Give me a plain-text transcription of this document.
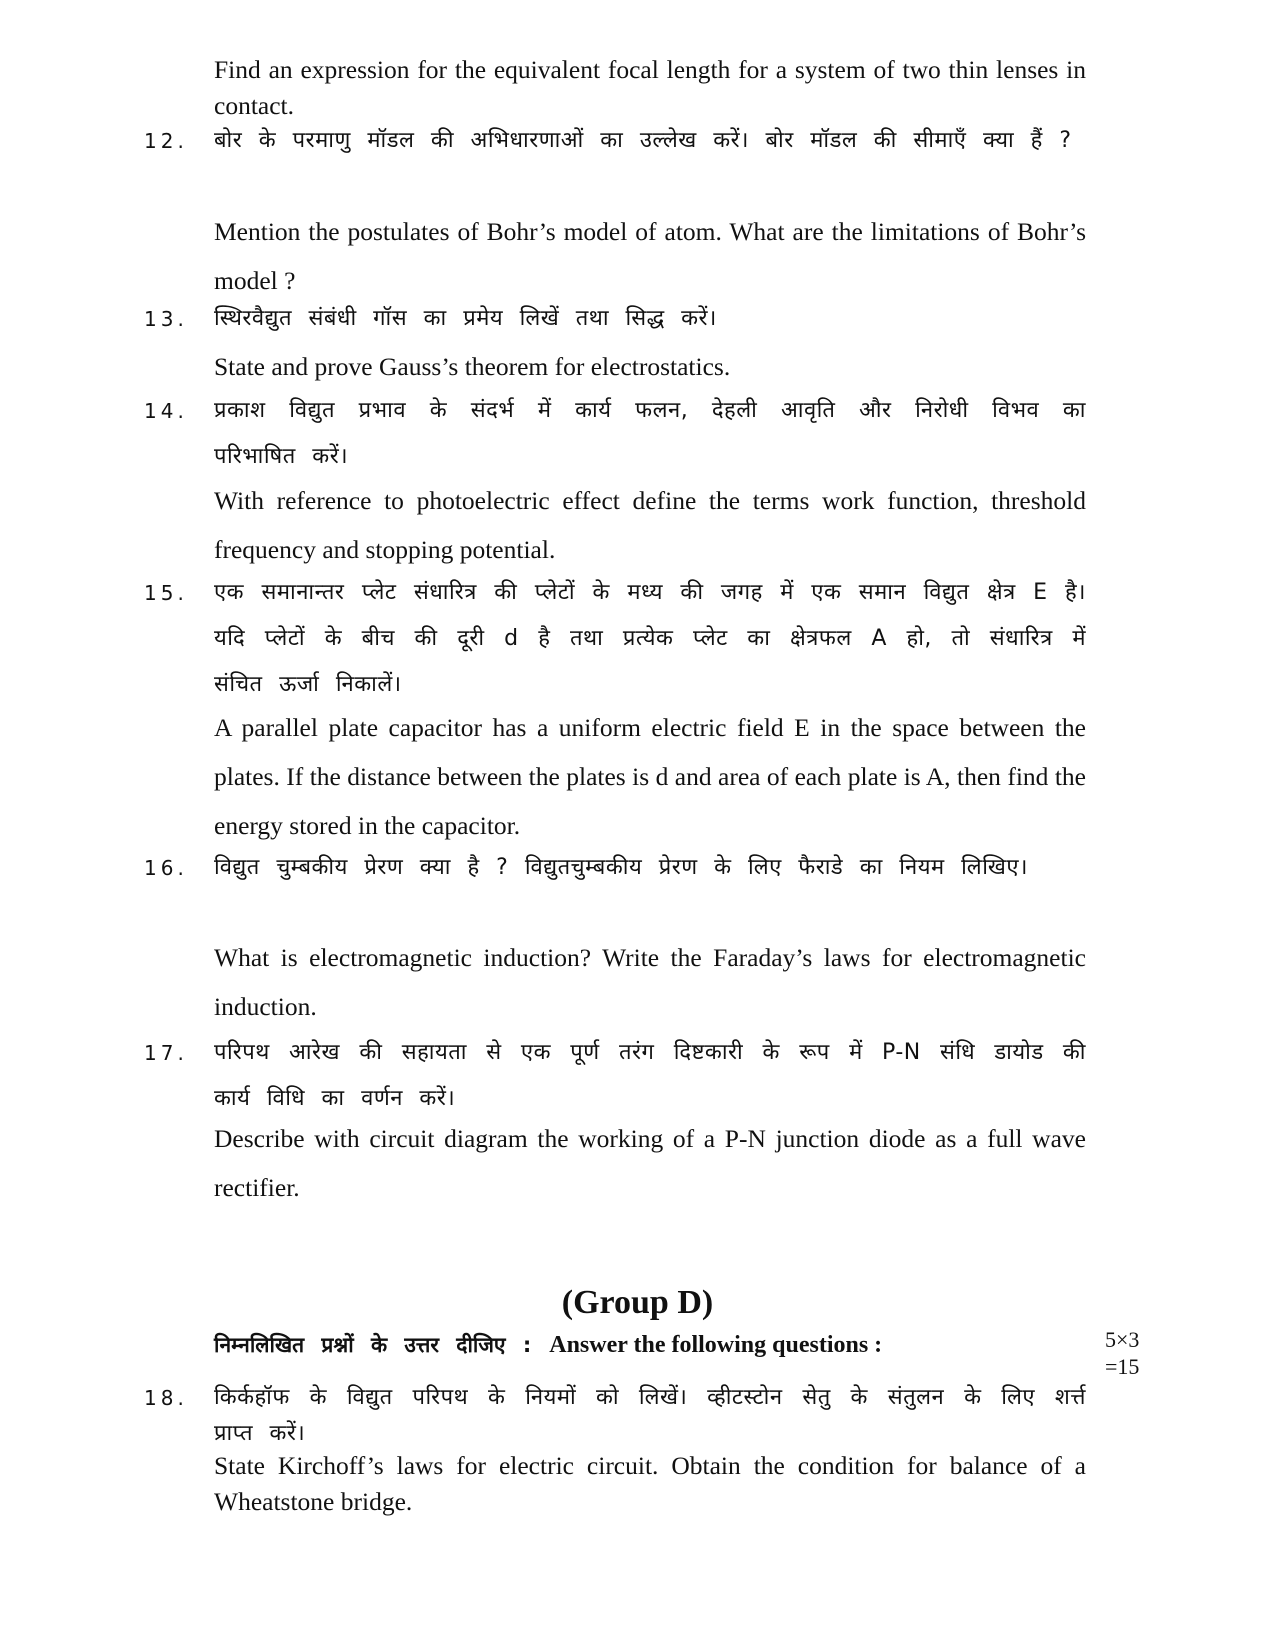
Find an expression for the equivalent focal length for a system of two thin lenses in contact.
12. बोर के परमाणु मॉडल की अभिधारणाओं का उल्लेख करें। बोर मॉडल की सीमाएँ क्या हैं ?
Mention the postulates of Bohr’s model of atom. What are the limitations of Bohr’s model ?
13. स्थिरवैद्युत संबंधी गॉस का प्रमेय लिखें तथा सिद्ध करें।
State and prove Gauss’s theorem for electrostatics.
14. प्रकाश विद्युत प्रभाव के संदर्भ में कार्य फलन, देहली आवृति और निरोधी विभव का परिभाषित करें।
With reference to photoelectric effect define the terms work function, threshold frequency and stopping potential.
15. एक समानान्तर प्लेट संधारित्र की प्लेटों के मध्य की जगह में एक समान विद्युत क्षेत्र E है। यदि प्लेटों के बीच की दूरी d है तथा प्रत्येक प्लेट का क्षेत्रफल A हो, तो संधारित्र में संचित ऊर्जा निकालें।
A parallel plate capacitor has a uniform electric field E in the space between the plates. If the distance between the plates is d and area of each plate is A, then find the energy stored in the capacitor.
16. विद्युत चुम्बकीय प्रेरण क्या है ? विद्युतचुम्बकीय प्रेरण के लिए फैराडे का नियम लिखिए।
What is electromagnetic induction? Write the Faraday’s laws for electromagnetic induction.
17. परिपथ आरेख की सहायता से एक पूर्ण तरंग दिष्टकारी के रूप में P-N संधि डायोड की कार्य विधि का वर्णन करें।
Describe with circuit diagram the working of a P-N junction diode as a full wave rectifier.
(Group D)
निम्नलिखित प्रश्नों के उत्तर दीजिए : Answer the following questions :	5×3
=15
18. किर्कहॉफ के विद्युत परिपथ के नियमों को लिखें। व्हीटस्टोन सेतु के संतुलन के लिए शर्त्त प्राप्त करें।
State Kirchoff’s laws for electric circuit. Obtain the condition for balance of a Wheatstone bridge.
